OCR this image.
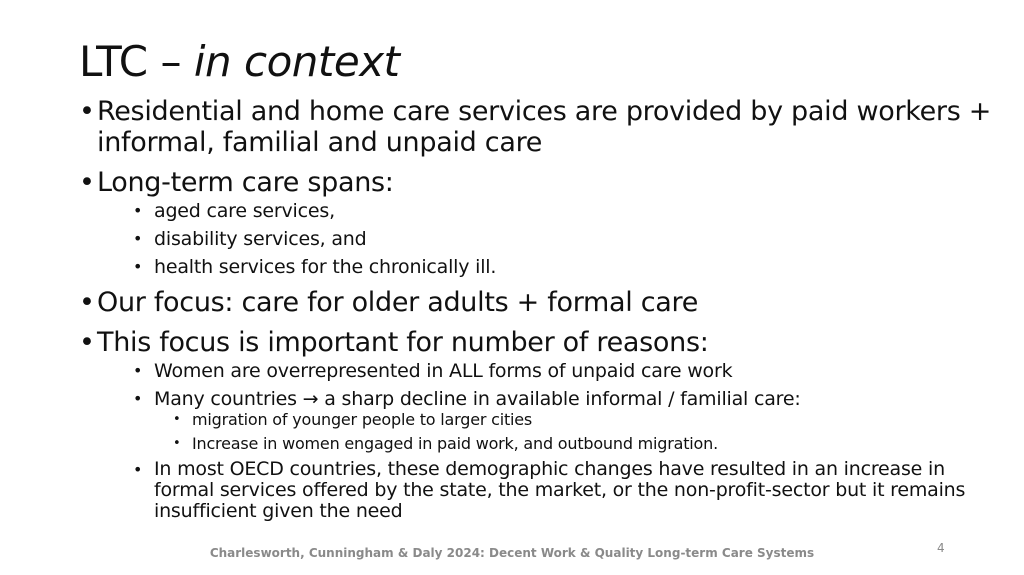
LTC – in context
• Residential and home care services are provided by paid workers + informal, familial and unpaid care
• Long-term care spans:
• aged care services,
• disability services, and
• health services for the chronically ill.
• Our focus: care for older adults + formal care
• This focus is important for number of reasons:
• Women are overrepresented in ALL forms of unpaid care work
• Many countries → a sharp decline in available informal / familial care:
• migration of younger people to larger cities
• Increase in women engaged in paid work, and outbound migration.
• In most OECD countries, these demographic changes have resulted in an increase in formal services offered by the state, the market, or the non-profit-sector but it remains insufficient given the need
Charlesworth, Cunningham & Daly 2024: Decent Work & Quality Long-term Care Systems	4
